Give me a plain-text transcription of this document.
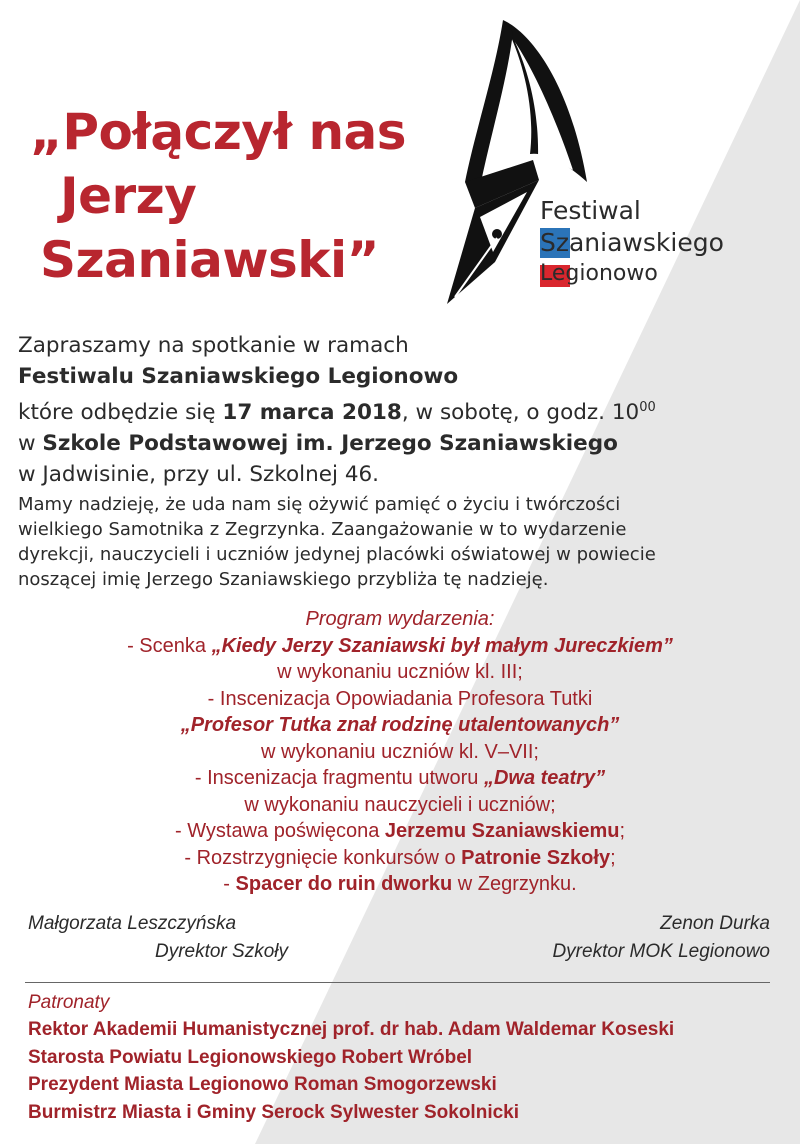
„Połączył nas
Jerzy
Szaniawski”
Festiwal
Szaniawskiego
Legionowo
Zapraszamy na spotkanie w ramach
Festiwalu Szaniawskiego Legionowo
które odbędzie się 17 marca 2018, w sobotę, o godz. $10^{00}$
w Szkole Podstawowej im. Jerzego Szaniawskiego
w Jadwisinie, przy ul. Szkolnej 46.
Mamy nadzieję, że uda nam się ożywić pamięć o życiu i twórczości
wielkiego Samotnika z Zegrzynka. Zaangażowanie w to wydarzenie
dyrekcji, nauczycieli i uczniów jedynej placówki oświatowej w powiecie
noszącej imię Jerzego Szaniawskiego przybliża tę nadzieję.
Program wydarzenia:
- Scenka „Kiedy Jerzy Szaniawski był małym Jureczkiem”
w wykonaniu uczniów kl. III;
- Inscenizacja Opowiadania Profesora Tutki
„Profesor Tutka znał rodzinę utalentowanych”
w wykonaniu uczniów kl. V–VII;
- Inscenizacja fragmentu utworu „Dwa teatry”
w wykonaniu nauczycieli i uczniów;
- Wystawa poświęcona Jerzemu Szaniawskiemu;
- Rozstrzygnięcie konkursów o Patronie Szkoły;
- Spacer do ruin dworku w Zegrzynku.
Małgorzata Leszczyńska
Dyrektor Szkoły
Zenon Durka
Dyrektor MOK Legionowo
Patronaty
Rektor Akademii Humanistycznej prof. dr hab. Adam Waldemar Koseski
Starosta Powiatu Legionowskiego Robert Wróbel
Prezydent Miasta Legionowo Roman Smogorzewski
Burmistrz Miasta i Gminy Serock Sylwester Sokolnicki
